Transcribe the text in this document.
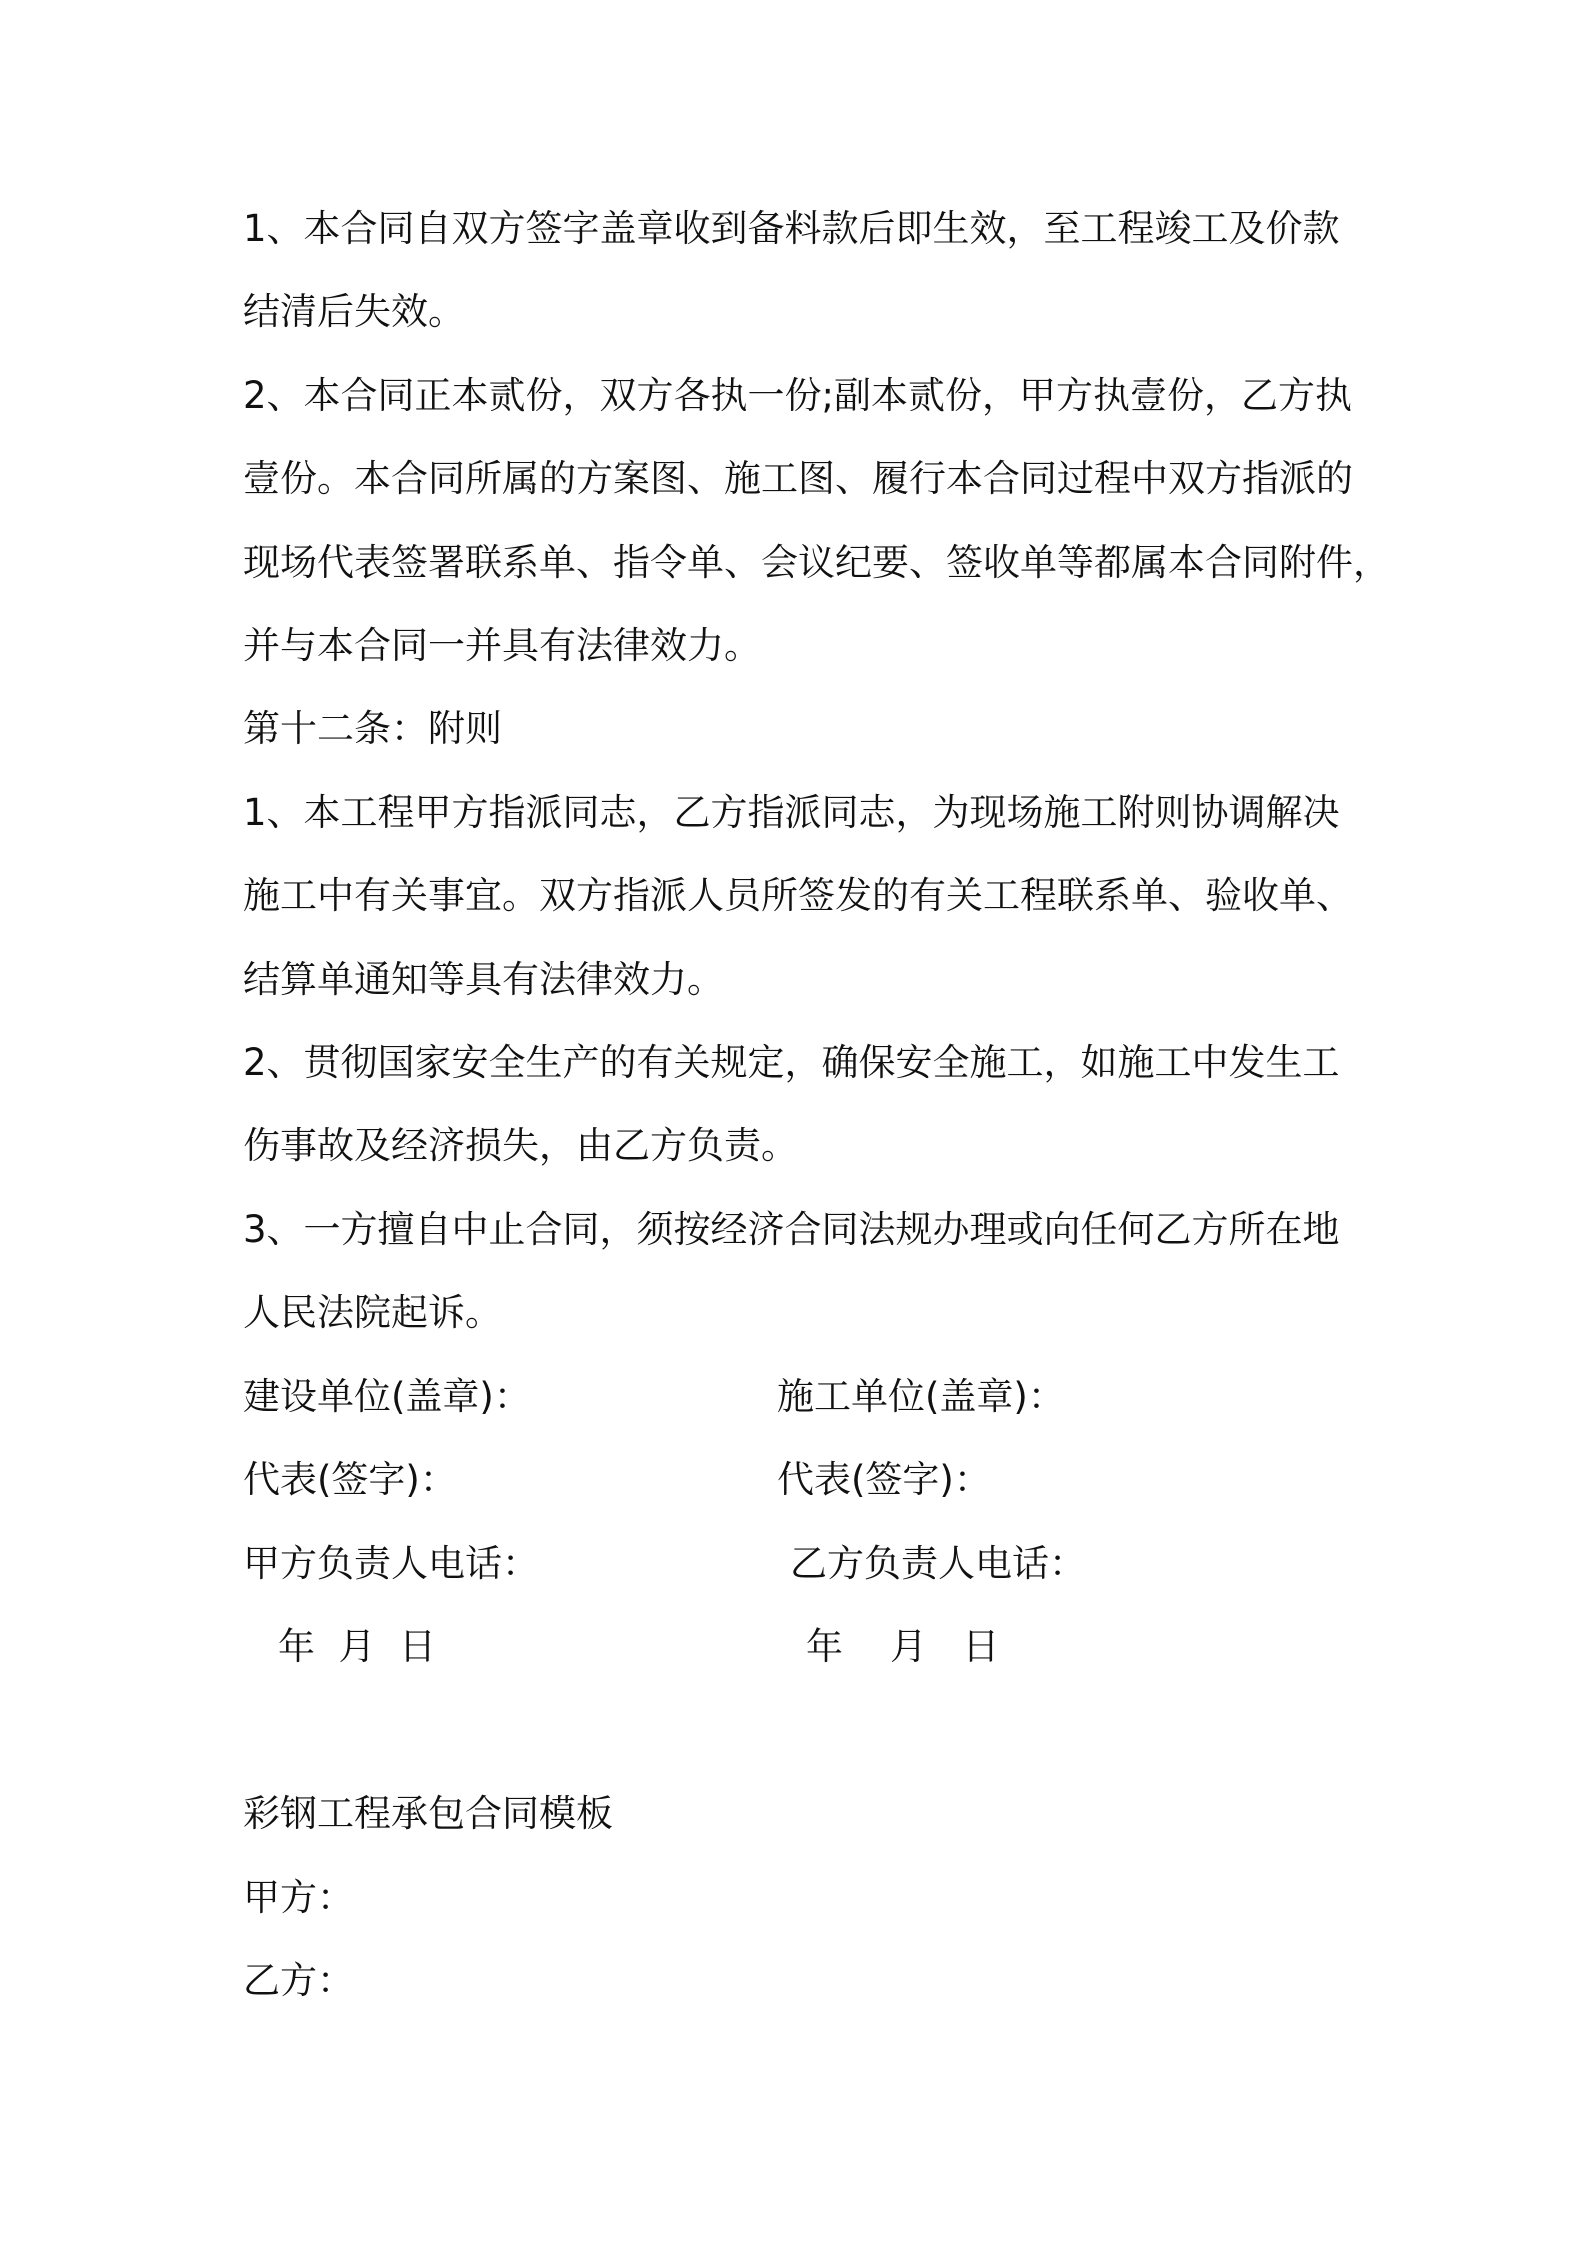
1、本合同自双方签字盖章收到备料款后即生效，至工程竣工及价款
结清后失效。
2、本合同正本贰份，双方各执一份;副本贰份，甲方执壹份，乙方执
壹份。本合同所属的方案图、施工图、履行本合同过程中双方指派的
现场代表签署联系单、指令单、会议纪要、签收单等都属本合同附件，
并与本合同一并具有法律效力。
第十二条：附则
1、本工程甲方指派同志，乙方指派同志，为现场施工附则协调解决
施工中有关事宜。双方指派人员所签发的有关工程联系单、验收单、
结算单通知等具有法律效力。
2、贯彻国家安全生产的有关规定，确保安全施工，如施工中发生工
伤事故及经济损失，由乙方负责。
3、一方擅自中止合同，须按经济合同法规办理或向任何乙方所在地
人民法院起诉。
建设单位(盖章)：	施工单位(盖章)：
代表(签字)：	代表(签字)：
甲方负责人电话：	乙方负责人电话：
年  月  日	年    月   日
彩钢工程承包合同模板
甲方：
乙方：
